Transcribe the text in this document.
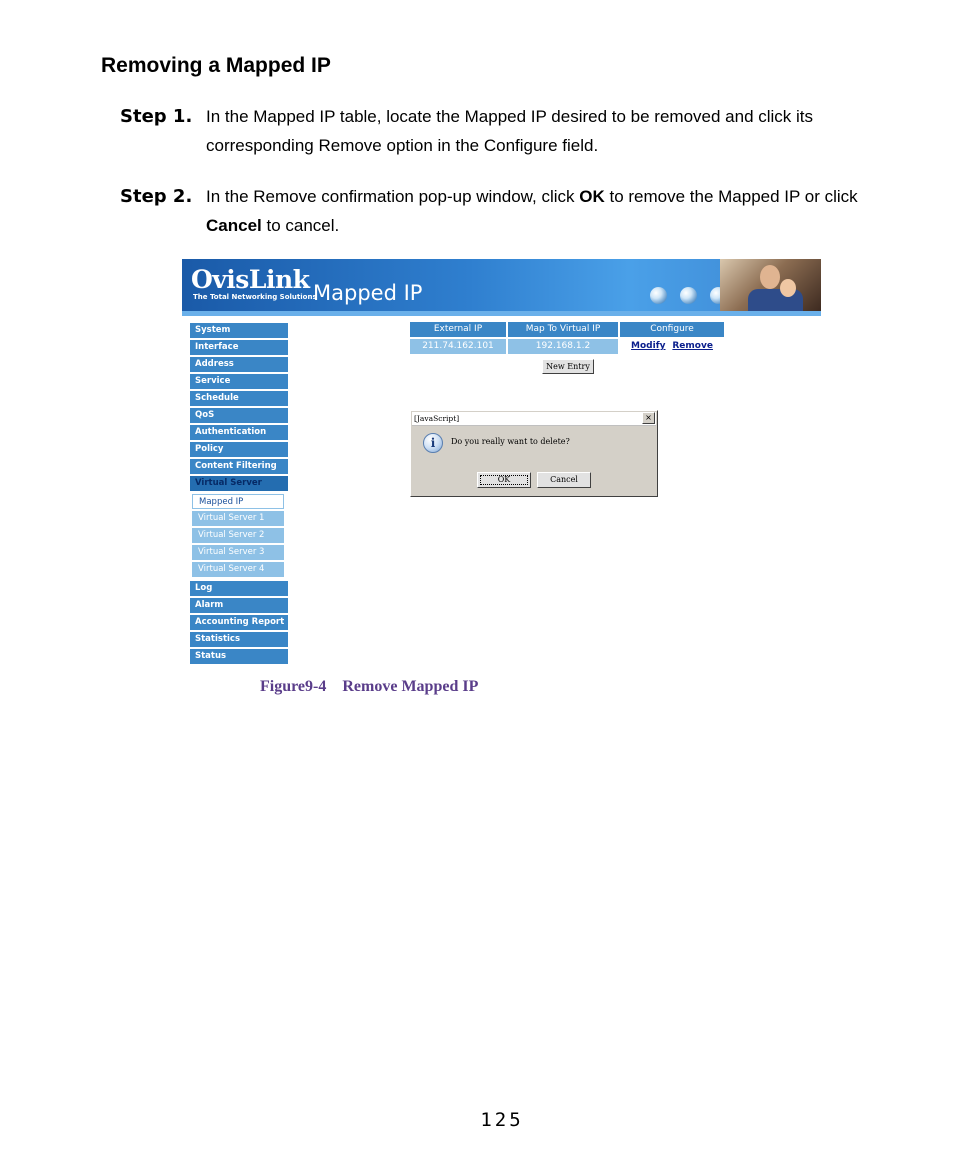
Removing a Mapped IP
Step 1. In the Mapped IP table, locate the Mapped IP desired to be removed and click its corresponding Remove option in the Configure field.
Step 2. In the Remove confirmation pop-up window, click OK to remove the Mapped IP or click Cancel to cancel.
OvisLink
The Total Networking Solutions
Mapped IP
System
Interface
Address
Service
Schedule
QoS
Authentication
Policy
Content Filtering
Virtual Server
Mapped IP
Virtual Server 1
Virtual Server 2
Virtual Server 3
Virtual Server 4
Log
Alarm
Accounting Report
Statistics
Status
External IP	Map To Virtual IP	Configure
211.74.162.101	192.168.1.2	Modify Remove
New Entry
[JavaScript]	×
i	Do you really want to delete?
OK	Cancel
Figure9-4    Remove Mapped IP
125
